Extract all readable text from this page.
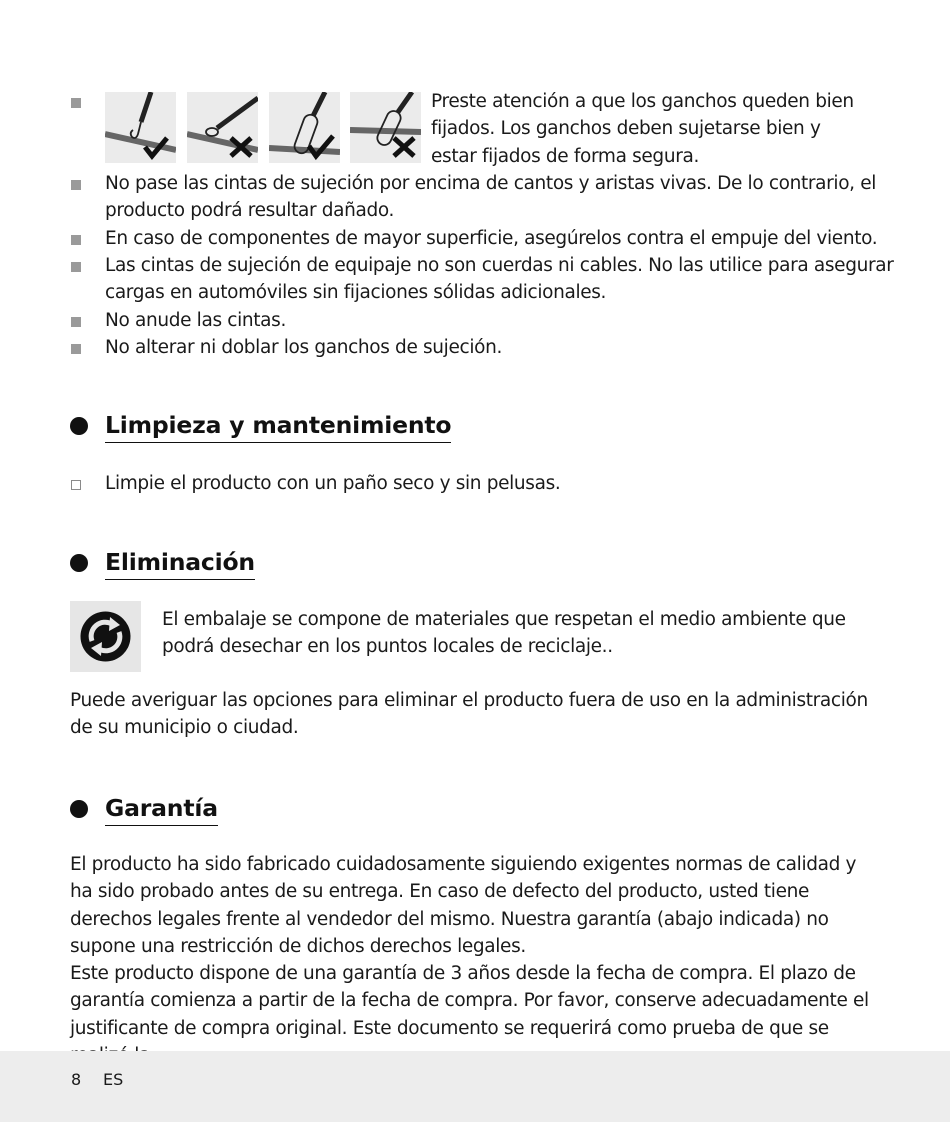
Preste atención a que los ganchos queden bien fijados. Los ganchos deben sujetarse bien y estar fijados de forma segura.
No pase las cintas de sujeción por encima de cantos y aristas vivas. De lo contrario, el producto podrá resultar dañado.
En caso de componentes de mayor superficie, asegúrelos contra el empuje del viento.
Las cintas de sujeción de equipaje no son cuerdas ni cables. No las utilice para asegurar cargas en automóviles sin fijaciones sólidas adicionales.
No anude las cintas.
No alterar ni doblar los ganchos de sujeción.
Limpieza y mantenimiento
Limpie el producto con un paño seco y sin pelusas.
Eliminación
El embalaje se compone de materiales que respetan el medio ambiente que podrá desechar en los puntos locales de reciclaje..
Puede averiguar las opciones para eliminar el producto fuera de uso en la administración de su municipio o ciudad.
Garantía
El producto ha sido fabricado cuidadosamente siguiendo exigentes normas de calidad y ha sido probado antes de su entrega. En caso de defecto del producto, usted tiene derechos legales frente al vendedor del mismo. Nuestra garantía (abajo indicada) no supone una restricción de dichos derechos legales.
Este producto dispone de una garantía de 3 años desde la fecha de compra. El plazo de garantía comienza a partir de la fecha de compra. Por favor, conserve adecuadamente el justificante de compra original. Este documento se requerirá como prueba de que se
8 ES
